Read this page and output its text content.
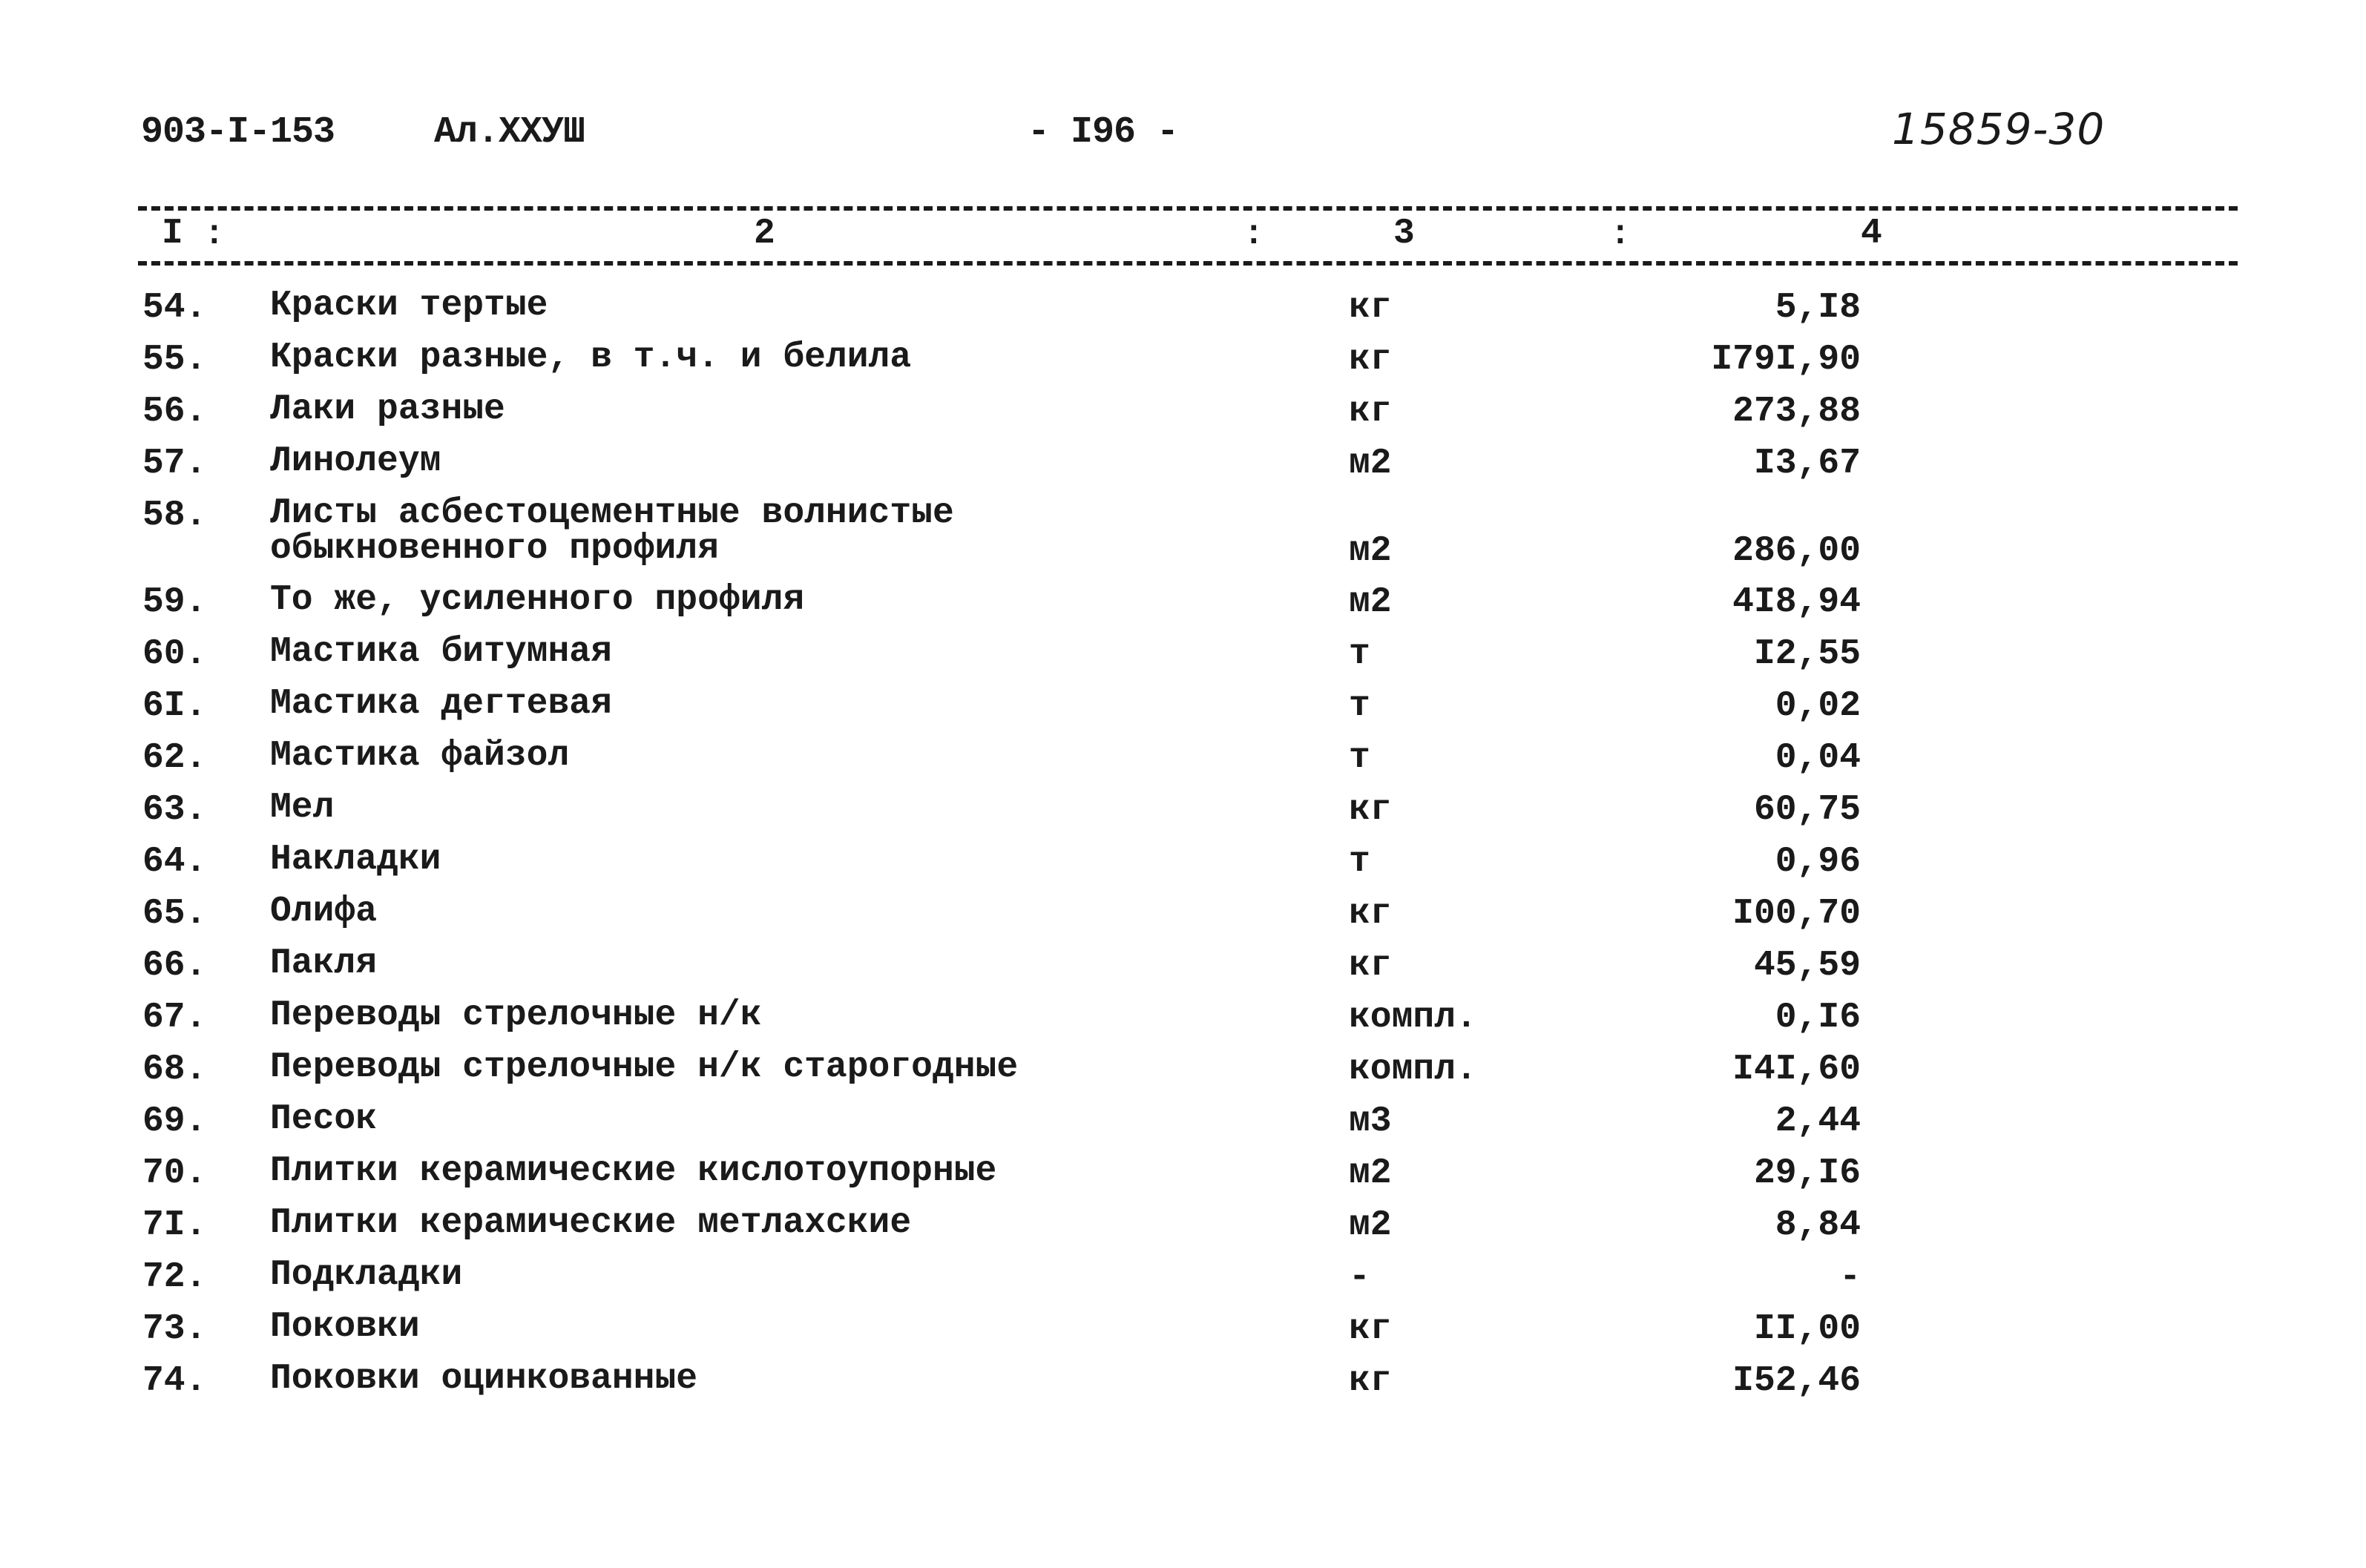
903-I-153	Ал.XXУШ	- I96 -	15859-30
I :	2	:	3	:	4
54. Краски тертые	кг	5,I8
55. Краски разные, в т.ч. и белила	кг	I79I,90
56. Лаки разные	кг	273,88
57. Линолеум	м2	I3,67
58. Листы асбестоцементные волнистые
обыкновенного профиля	м2	286,00
59. То же, усиленного профиля	м2	4I8,94
60. Мастика битумная	т	I2,55
6I. Мастика дегтевая	т	0,02
62. Мастика файзол	т	0,04
63. Мел	кг	60,75
64. Накладки	т	0,96
65. Олифа	кг	I00,70
66. Пакля	кг	45,59
67. Переводы стрелочные н/к	компл.	0,I6
68. Переводы стрелочные н/к старогодные	компл.	I4I,60
69. Песок	м3	2,44
70. Плитки керамические кислотоупорные	м2	29,I6
7I. Плитки керамические метлахские	м2	8,84
72. Подкладки	-	-
73. Поковки	кг	II,00
74. Поковки оцинкованные	кг	I52,46
